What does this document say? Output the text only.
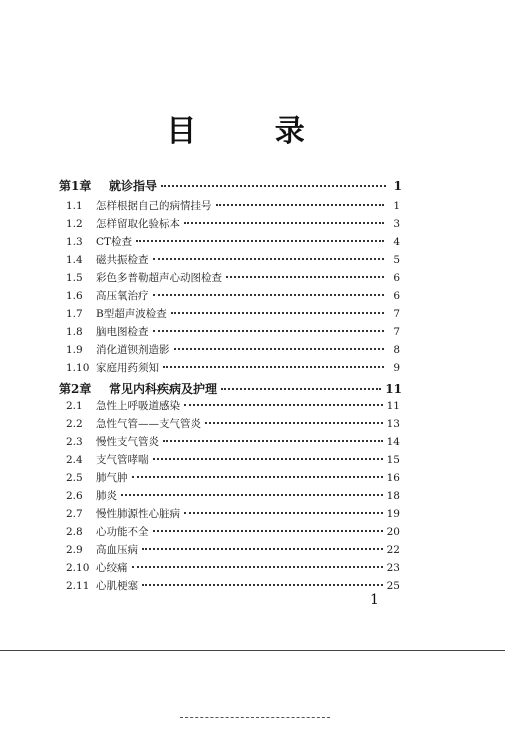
目 录
第1章	就诊指导	1
1.1	怎样根据自己的病情挂号	1
1.2	怎样留取化验标本	3
1.3	CT检查	4
1.4	磁共振检查	5
1.5	彩色多普勒超声心动图检查	6
1.6	高压氧治疗	6
1.7	B型超声波检查	7
1.8	脑电图检查	7
1.9	消化道钡剂造影	8
1.10 家庭用药须知	9
第2章	常见内科疾病及护理	11
2.1	急性上呼吸道感染	11
2.2	急性气管——支气管炎	13
2.3	慢性支气管炎	14
2.4	支气管哮喘	15
2.5	肺气肿	16
2.6	肺炎	18
2.7	慢性肺源性心脏病	19
2.8	心功能不全	20
2.9	高血压病	22
2.10 心绞痛	23
2.11 心肌梗塞	25
1
